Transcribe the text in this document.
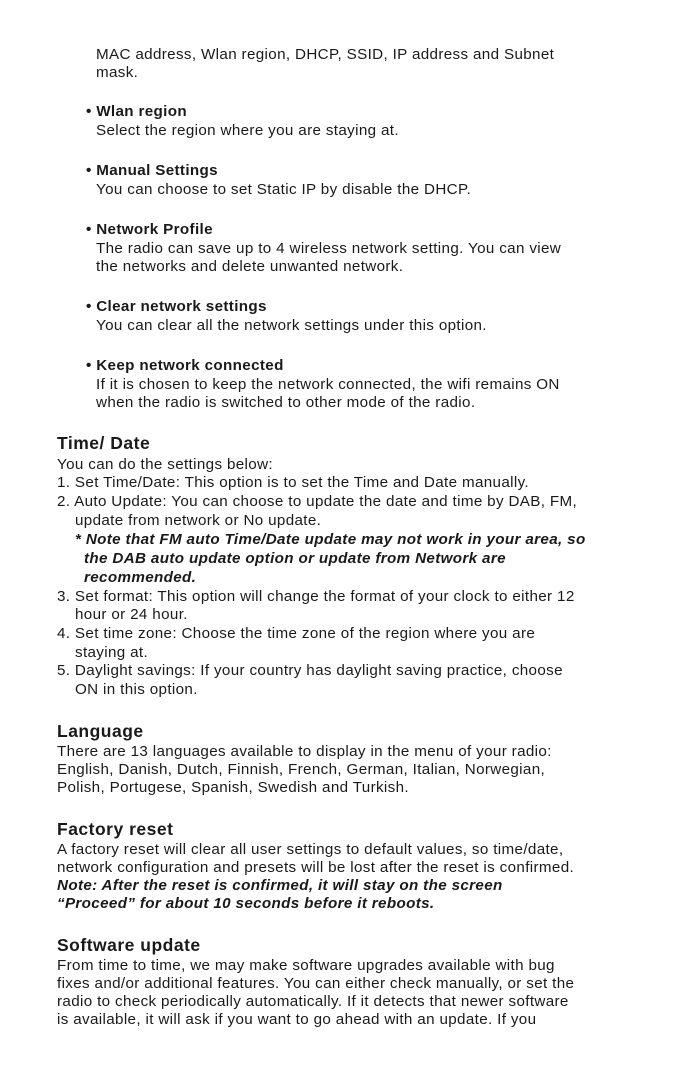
MAC address, Wlan region, DHCP, SSID, IP address and Subnet

mask.

• Wlan region

Select the region where you are staying at.

• Manual Settings

You can choose to set Static IP by disable the DHCP.

• Network Profile

The radio can save up to 4 wireless network setting. You can view

the networks and delete unwanted network.

• Clear network settings

You can clear all the network settings under this option.

• Keep network connected

If it is chosen to keep the network connected, the wifi remains ON

when the radio is switched to other mode of the radio.

Time/ Date

You can do the settings below:

1. Set Time/Date: This option is to set the Time and Date manually.

2. Auto Update: You can choose to update the date and time by DAB, FM,

update from network or No update.

* Note that FM auto Time/Date update may not work in your area, so

the DAB auto update option or update from Network are

recommended.

3. Set format: This option will change the format of your clock to either 12

hour or 24 hour.

4. Set time zone: Choose the time zone of the region where you are

staying at.

5. Daylight savings: If your country has daylight saving practice, choose

ON in this option.

Language

There are 13 languages available to display in the menu of your radio:

English, Danish, Dutch, Finnish, French, German, Italian, Norwegian,

Polish, Portugese, Spanish, Swedish and Turkish.

Factory reset

A factory reset will clear all user settings to default values, so time/date,

network configuration and presets will be lost after the reset is confirmed.

Note: After the reset is confirmed, it will stay on the screen

“Proceed” for about 10 seconds before it reboots.

Software update

From time to time, we may make software upgrades available with bug

fixes and/or additional features. You can either check manually, or set the

radio to check periodically automatically. If it detects that newer software

is available, it will ask if you want to go ahead with an update. If you
